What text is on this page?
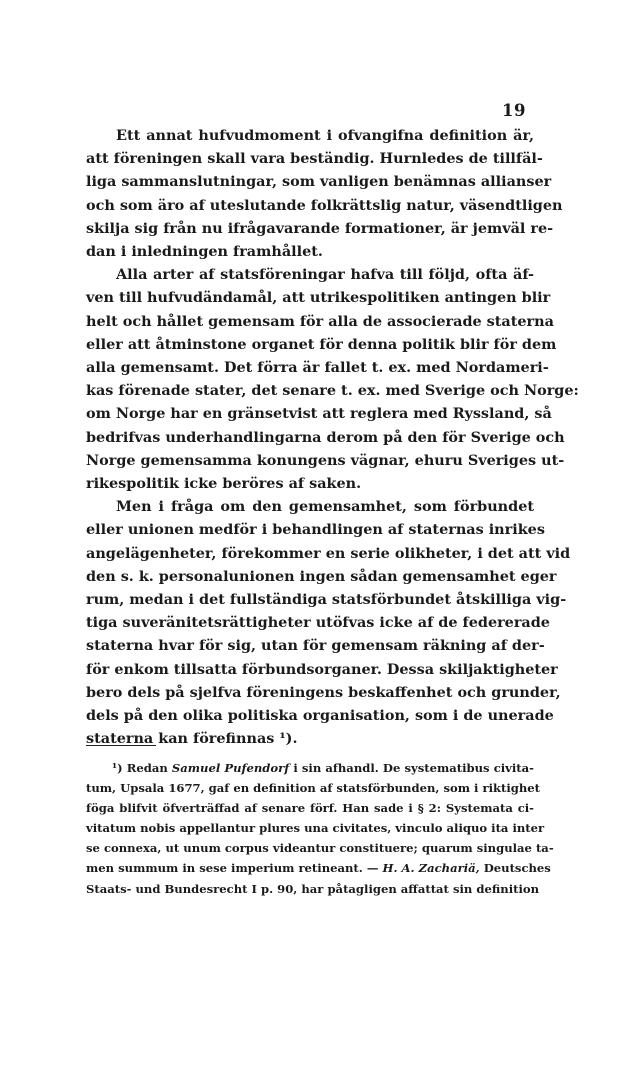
19
Ett annat hufvudmoment i ofvangifna definition är,
att föreningen skall vara beständig. Hurnledes de tillfäl-
liga sammanslutningar, som vanligen benämnas allianser
och som äro af uteslutande folkrättslig natur, väsendtligen
skilja sig från nu ifrågavarande formationer, är jemväl re-
dan i inledningen framhållet.
Alla arter af statsföreningar hafva till följd, ofta äf-
ven till hufvudändamål, att utrikespolitiken antingen blir
helt och hållet gemensam för alla de associerade staterna
eller att åtminstone organet för denna politik blir för dem
alla gemensamt. Det förra är fallet t. ex. med Nordameri-
kas förenade stater, det senare t. ex. med Sverige och Norge:
om Norge har en gränsetvist att reglera med Ryssland, så
bedrifvas underhandlingarna derom på den för Sverige och
Norge gemensamma konungens vägnar, ehuru Sveriges ut-
rikespolitik icke beröres af saken.
Men i fråga om den gemensamhet, som förbundet
eller unionen medför i behandlingen af staternas inrikes
angelägenheter, förekommer en serie olikheter, i det att vid
den s. k. personalunionen ingen sådan gemensamhet eger
rum, medan i det fullständiga statsförbundet åtskilliga vig-
tiga suveränitetsrättigheter utöfvas icke af de federerade
staterna hvar för sig, utan för gemensam räkning af der-
för enkom tillsatta förbundsorganer. Dessa skiljaktigheter
bero dels på sjelfva föreningens beskaffenhet och grunder,
dels på den olika politiska organisation, som i de unerade
staterna kan förefinnas ¹).
¹) Redan Samuel Pufendorf i sin afhandl. De systematibus civita-
tum, Upsala 1677, gaf en definition af statsförbunden, som i riktighet
föga blifvit öfverträffad af senare förf. Han sade i § 2: Systemata ci-
vitatum nobis appellantur plures una civitates, vinculo aliquo ita inter
se connexa, ut unum corpus videantur constituere; quarum singulae ta-
men summum in sese imperium retineant. — H. A. Zachariä, Deutsches
Staats- und Bundesrecht I p. 90, har påtagligen affattat sin definition
